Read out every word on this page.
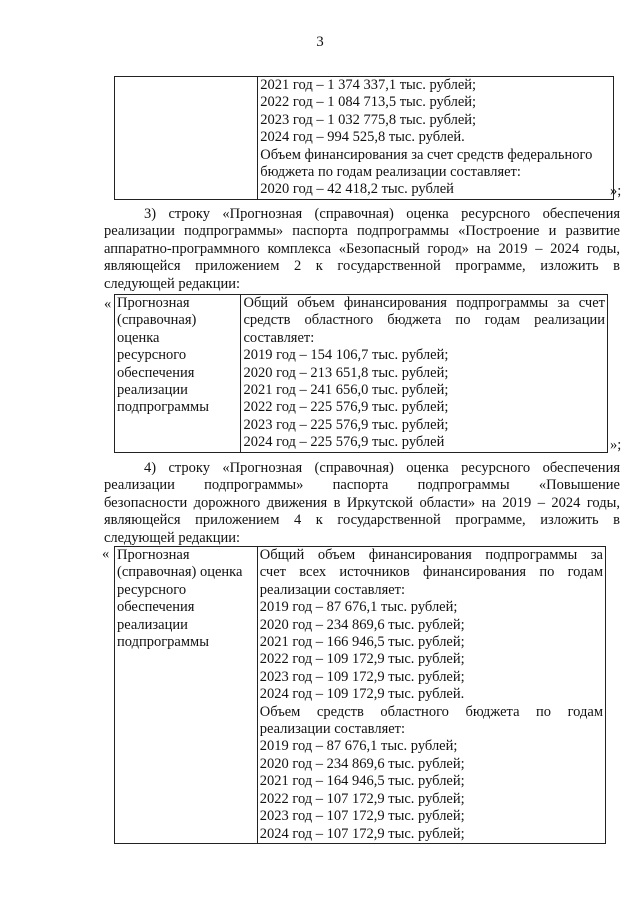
3

2021 год – 1 374 337,1 тыс. рублей;
2022 год – 1 084 713,5 тыс. рублей;
2023 год – 1 032 775,8 тыс. рублей;
2024 год – 994 525,8 тыс. рублей.
Объем финансирования за счет средств федерального
бюджета по годам реализации составляет:
2020 год – 42 418,2 тыс. рублей	»;
3) строку «Прогнозная (справочная) оценка ресурсного обеспечения
реализации подпрограммы» паспорта подпрограммы «Построение и развитие
аппаратно-программного комплекса «Безопасный город» на 2019 – 2024 годы,
являющейся приложением 2 к государственной программе, изложить в
следующей редакции:
« Прогнозная
(справочная)
оценка
ресурсного
обеспечения
реализации
подпрограммы

Общий объем финансирования подпрограммы за счет
средств областного бюджета по годам реализации
составляет:
2019 год – 154 106,7 тыс. рублей;
2020 год – 213 651,8 тыс. рублей;
2021 год – 241 656,0 тыс. рублей;
2022 год – 225 576,9 тыс. рублей;
2023 год – 225 576,9 тыс. рублей;
2024 год – 225 576,9 тыс. рублей	»;
4) строку «Прогнозная (справочная) оценка ресурсного обеспечения
реализации подпрограммы» паспорта подпрограммы «Повышение
безопасности дорожного движения в Иркутской области» на 2019 – 2024 годы,
являющейся приложением 4 к государственной программе, изложить в
следующей редакции:
« Прогнозная
(справочная) оценка
ресурсного
обеспечения
реализации
подпрограммы

Общий объем финансирования подпрограммы за
счет всех источников финансирования по годам
реализации составляет:
2019 год – 87 676,1 тыс. рублей;
2020 год – 234 869,6 тыс. рублей;
2021 год – 166 946,5 тыс. рублей;
2022 год – 109 172,9 тыс. рублей;
2023 год – 109 172,9 тыс. рублей;
2024 год – 109 172,9 тыс. рублей.
Объем средств областного бюджета по годам
реализации составляет:
2019 год – 87 676,1 тыс. рублей;
2020 год – 234 869,6 тыс. рублей;
2021 год – 164 946,5 тыс. рублей;
2022 год – 107 172,9 тыс. рублей;
2023 год – 107 172,9 тыс. рублей;
2024 год – 107 172,9 тыс. рублей;
